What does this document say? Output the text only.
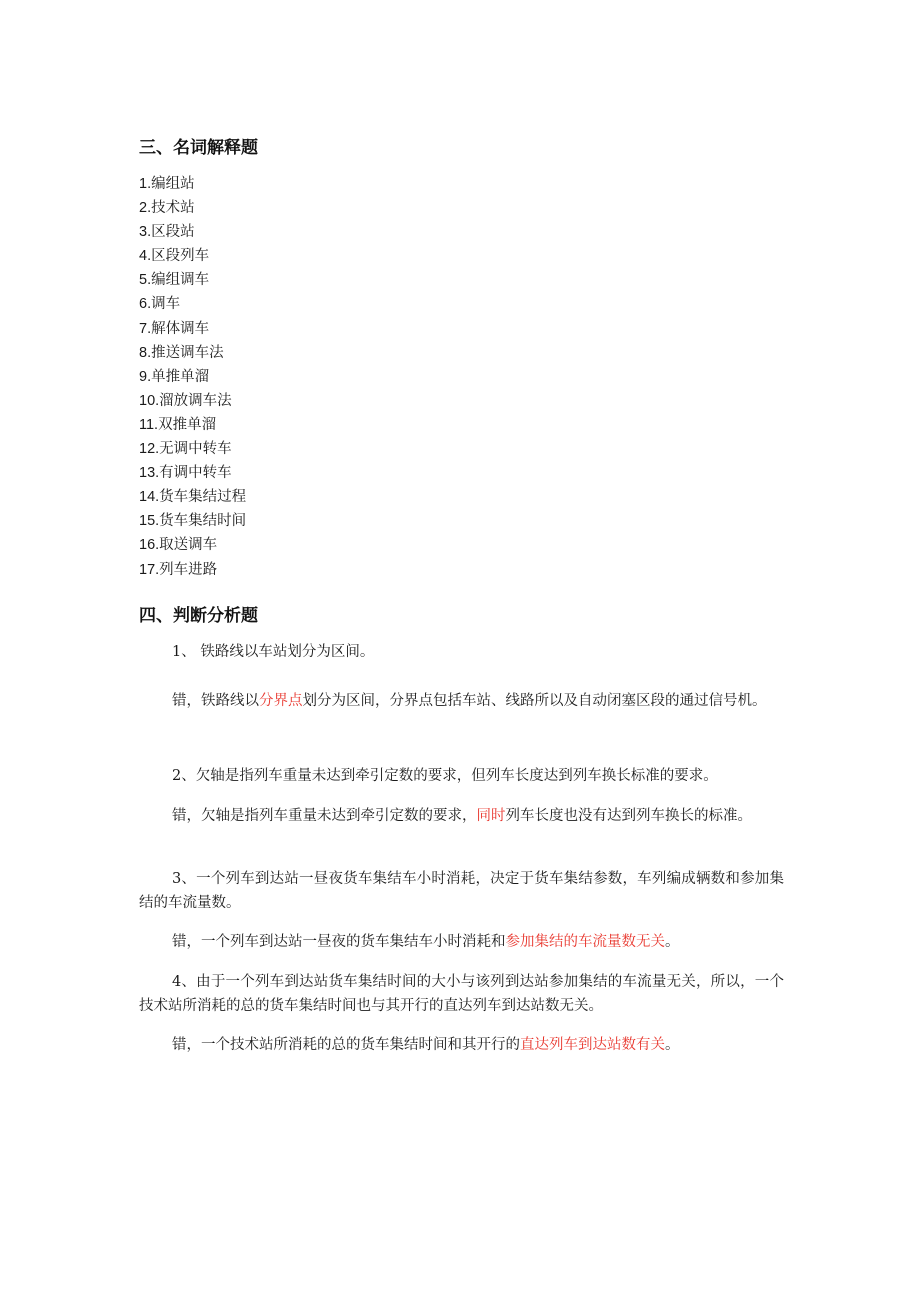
三、名词解释题
1.编组站
2.技术站
3.区段站
4.区段列车
5.编组调车
6.调车
7.解体调车
8.推送调车法
9.单推单溜
10.溜放调车法
11.双推单溜
12.无调中转车
13.有调中转车
14.货车集结过程
15.货车集结时间
16.取送调车
17.列车进路
四、判断分析题

1、 铁路线以车站划分为区间。

错，铁路线以分界点划分为区间，分界点包括车站、线路所以及自动闭塞区段的通过信号机。

2、欠轴是指列车重量未达到牵引定数的要求，但列车长度达到列车换长标准的要求。

错，欠轴是指列车重量未达到牵引定数的要求，同时列车长度也没有达到列车换长的标准。

3、一个列车到达站一昼夜货车集结车小时消耗，决定于货车集结参数，车列编成辆数和参加集结的车流量数。

错，一个列车到达站一昼夜的货车集结车小时消耗和参加集结的车流量数无关。

4、由于一个列车到达站货车集结时间的大小与该列到达站参加集结的车流量无关，所以，一个技术站所消耗的总的货车集结时间也与其开行的直达列车到达站数无关。

错，一个技术站所消耗的总的货车集结时间和其开行的直达列车到达站数有关。
